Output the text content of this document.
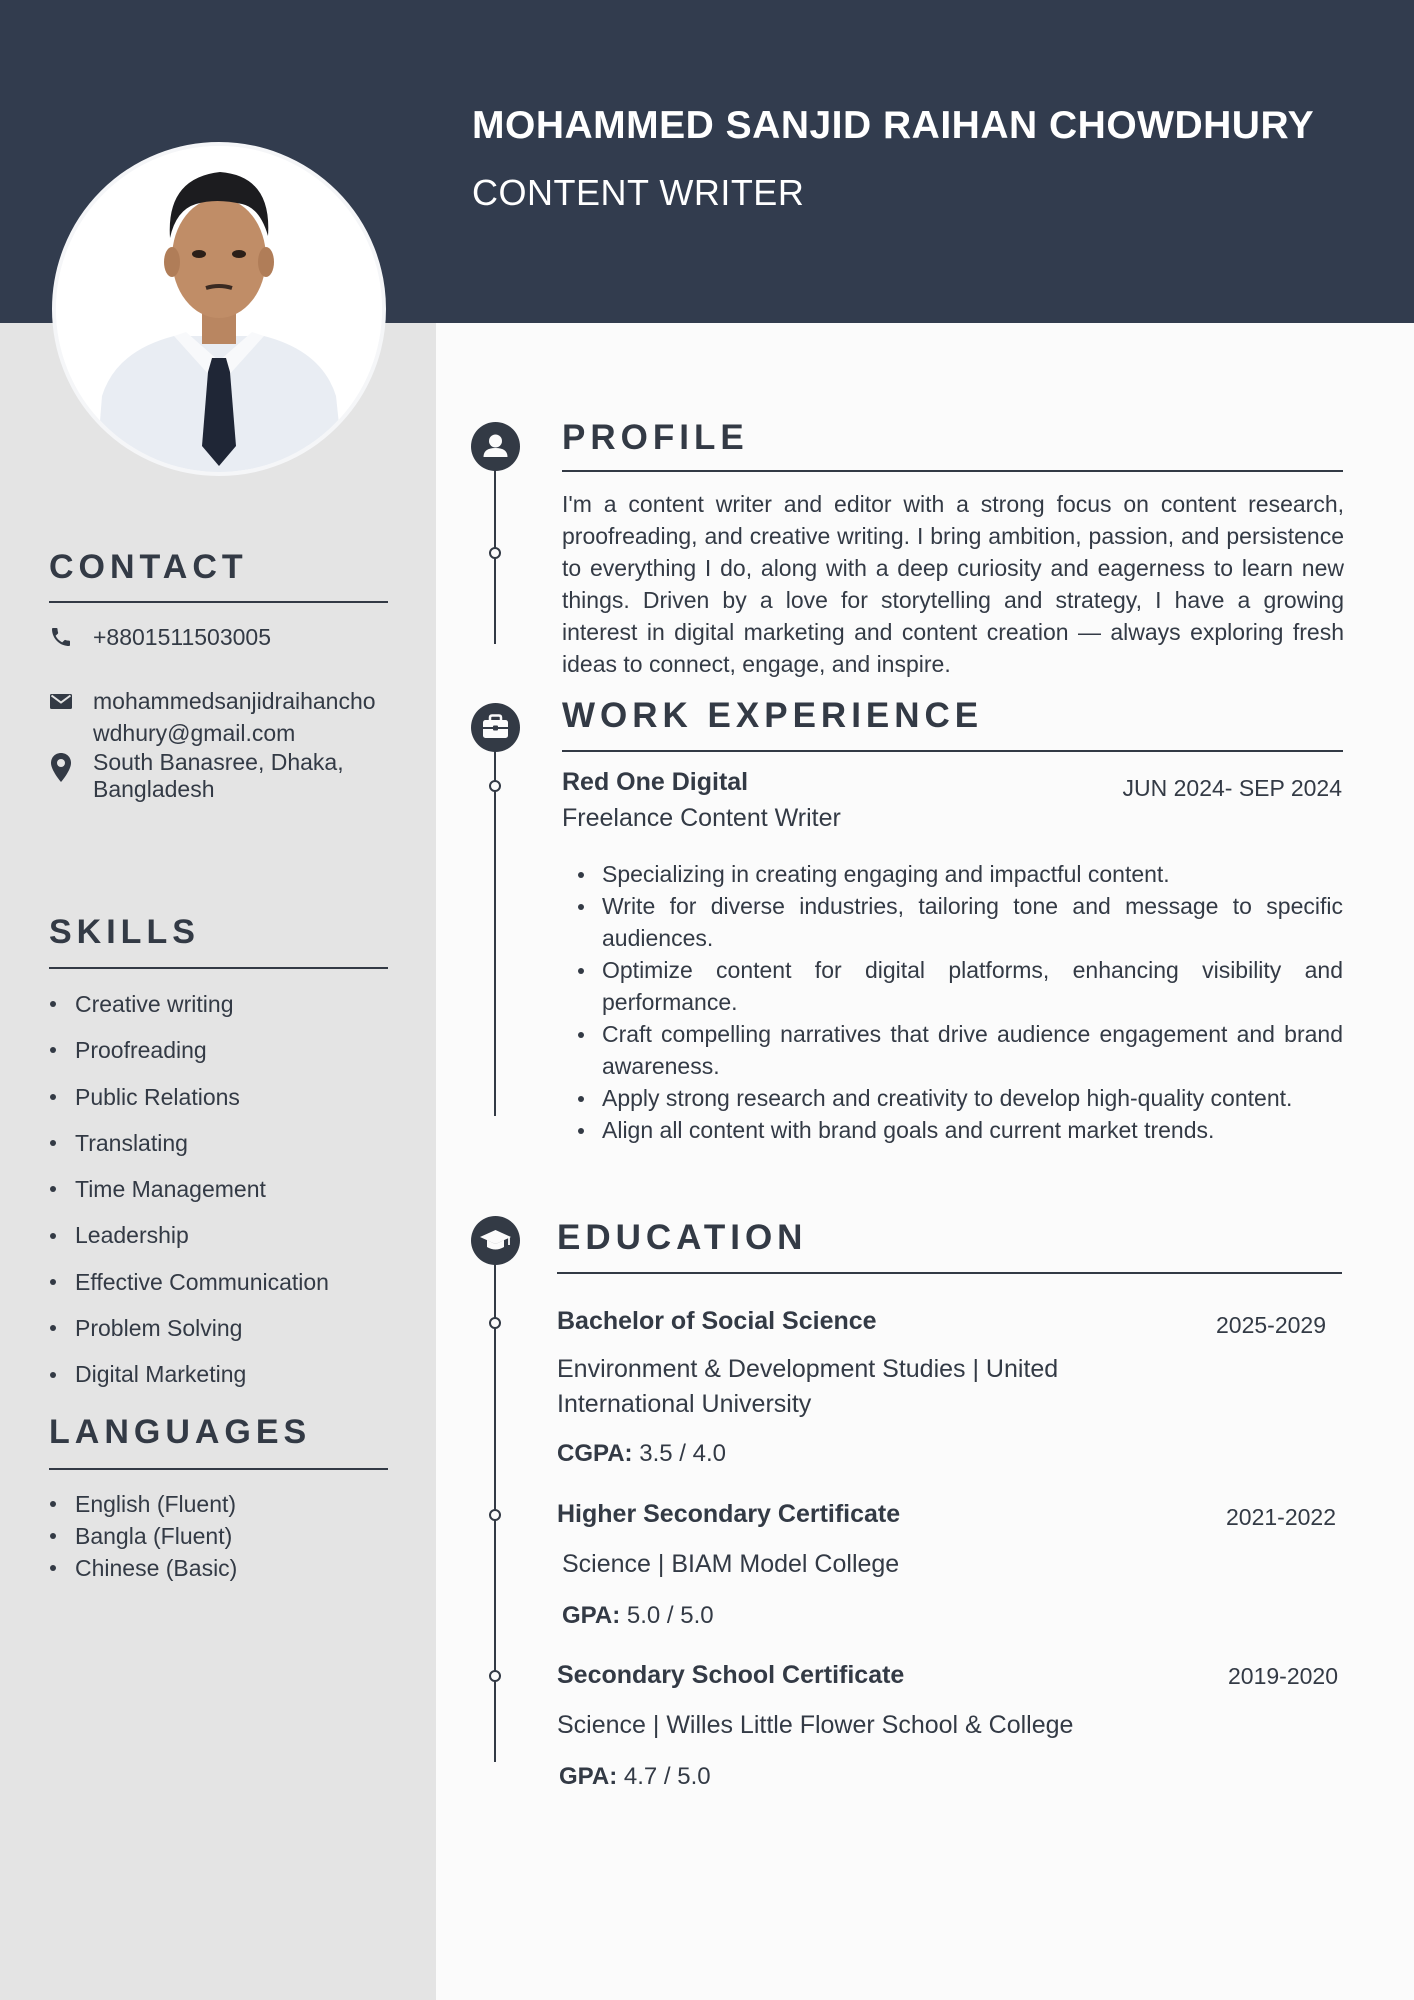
MOHAMMED SANJID RAIHAN CHOWDHURY
CONTENT WRITER
CONTACT
+8801511503005
mohammedsanjidraihanchowdhury@gmail.com
South Banasree, Dhaka, Bangladesh
SKILLS
Creative writing
Proofreading
Public Relations
Translating
Time Management
Leadership
Effective Communication
Problem Solving
Digital Marketing
LANGUAGES
English (Fluent)
Bangla (Fluent)
Chinese (Basic)
PROFILE
I'm a content writer and editor with a strong focus on content research, proofreading, and creative writing. I bring ambition, passion, and persistence to everything I do, along with a deep curiosity and eagerness to learn new things. Driven by a love for storytelling and strategy, I have a growing interest in digital marketing and content creation — always exploring fresh ideas to connect, engage, and inspire.
WORK EXPERIENCE
Red One Digital	JUN 2024- SEP 2024
Freelance Content Writer
Specializing in creating engaging and impactful content.
Write for diverse industries, tailoring tone and message to specific audiences.
Optimize content for digital platforms, enhancing visibility and performance.
Craft compelling narratives that drive audience engagement and brand awareness.
Apply strong research and creativity to develop high-quality content.
Align all content with brand goals and current market trends.
EDUCATION
Bachelor of Social Science	2025-2029
Environment & Development Studies | United International University
CGPA: 3.5 / 4.0
Higher Secondary Certificate	2021-2022
Science | BIAM Model College
GPA: 5.0 / 5.0
Secondary School Certificate	2019-2020
Science | Willes Little Flower School & College
GPA: 4.7 / 5.0
